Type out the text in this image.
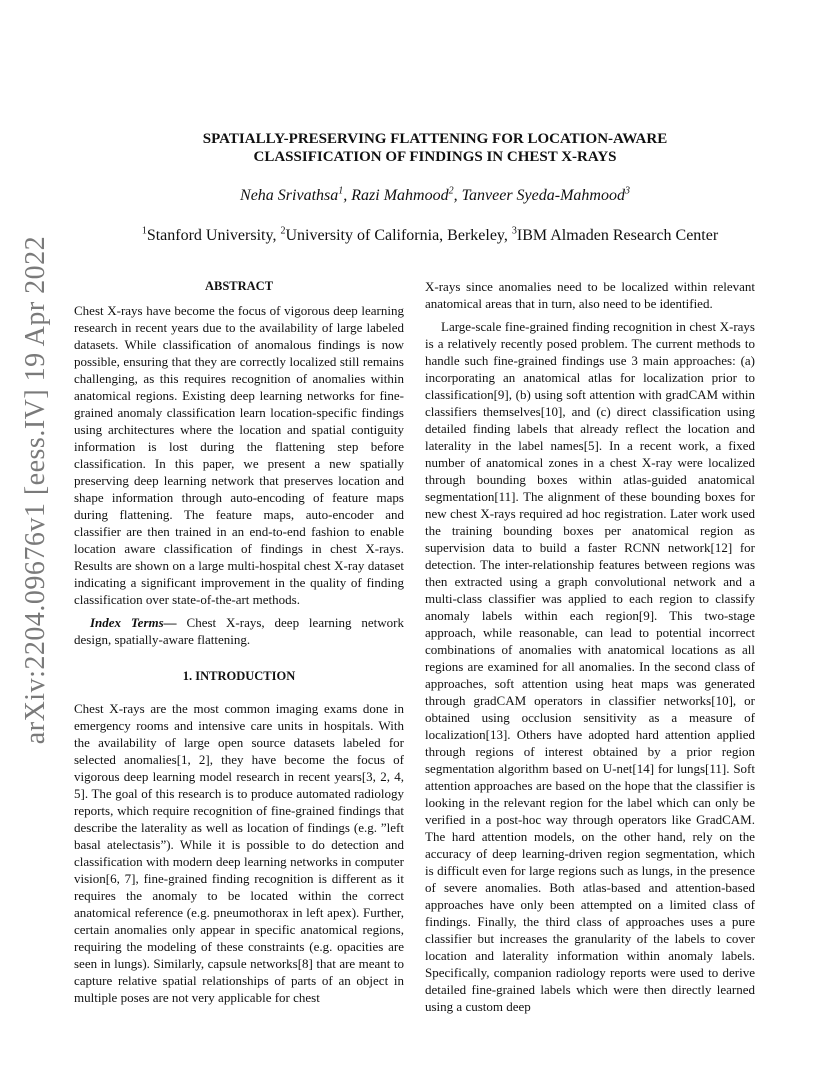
arXiv:2204.09676v1 [eess.IV] 19 Apr 2022
SPATIALLY-PRESERVING FLATTENING FOR LOCATION-AWARE
CLASSIFICATION OF FINDINGS IN CHEST X-RAYS
Neha Srivathsa$^1$, Razi Mahmood$^2$, Tanveer Syeda-Mahmood$^3$
$^1$Stanford University, $^2$University of California, Berkeley, $^3$IBM Almaden Research Center
ABSTRACT

Chest X-rays have become the focus of vigorous deep learning research in recent years due to the availability of large labeled datasets. While classification of anomalous findings is now possible, ensuring that they are correctly localized still remains challenging, as this requires recognition of anomalies within anatomical regions. Existing deep learning networks for fine-grained anomaly classification learn location-specific findings using architectures where the location and spatial contiguity information is lost during the flattening step before classification. In this paper, we present a new spatially preserving deep learning network that preserves location and shape information through auto-encoding of feature maps during flattening. The feature maps, auto-encoder and classifier are then trained in an end-to-end fashion to enable location aware classification of findings in chest X-rays. Results are shown on a large multi-hospital chest X-ray dataset indicating a significant improvement in the quality of finding classification over state-of-the-art methods.

Index Terms— Chest X-rays, deep learning network design, spatially-aware flattening.

1. INTRODUCTION

Chest X-rays are the most common imaging exams done in emergency rooms and intensive care units in hospitals. With the availability of large open source datasets labeled for selected anomalies[1, 2], they have become the focus of vigorous deep learning model research in recent years[3, 2, 4, 5]. The goal of this research is to produce automated radiology reports, which require recognition of fine-grained findings that describe the laterality as well as location of findings (e.g. ”left basal atelectasis”). While it is possible to do detection and classification with modern deep learning networks in computer vision[6, 7], fine-grained finding recognition is different as it requires the anomaly to be located within the correct anatomical reference (e.g. pneumothorax in left apex). Further, certain anomalies only appear in specific anatomical regions, requiring the modeling of these constraints (e.g. opacities are seen in lungs). Similarly, capsule networks[8] that are meant to capture relative spatial relationships of parts of an object in multiple poses are not very applicable for chest

X-rays since anomalies need to be localized within relevant anatomical areas that in turn, also need to be identified.

Large-scale fine-grained finding recognition in chest X-rays is a relatively recently posed problem. The current methods to handle such fine-grained findings use 3 main approaches: (a) incorporating an anatomical atlas for localization prior to classification[9], (b) using soft attention with gradCAM within classifiers themselves[10], and (c) direct classification using detailed finding labels that already reflect the location and laterality in the label names[5]. In a recent work, a fixed number of anatomical zones in a chest X-ray were localized through bounding boxes within atlas-guided anatomical segmentation[11]. The alignment of these bounding boxes for new chest X-rays required ad hoc registration. Later work used the training bounding boxes per anatomical region as supervision data to build a faster RCNN network[12] for detection. The inter-relationship features between regions was then extracted using a graph convolutional network and a multi-class classifier was applied to each region to classify anomaly labels within each region[9]. This two-stage approach, while reasonable, can lead to potential incorrect combinations of anomalies with anatomical locations as all regions are examined for all anomalies. In the second class of approaches, soft attention using heat maps was generated through gradCAM operators in classifier networks[10], or obtained using occlusion sensitivity as a measure of localization[13]. Others have adopted hard attention applied through regions of interest obtained by a prior region segmentation algorithm based on U-net[14] for lungs[11]. Soft attention approaches are based on the hope that the classifier is looking in the relevant region for the label which can only be verified in a post-hoc way through operators like GradCAM. The hard attention models, on the other hand, rely on the accuracy of deep learning-driven region segmentation, which is difficult even for large regions such as lungs, in the presence of severe anomalies. Both atlas-based and attention-based approaches have only been attempted on a limited class of findings. Finally, the third class of approaches uses a pure classifier but increases the granularity of the labels to cover location and laterality information within anomaly labels. Specifically, companion radiology reports were used to derive detailed fine-grained labels which were then directly learned using a custom deep
